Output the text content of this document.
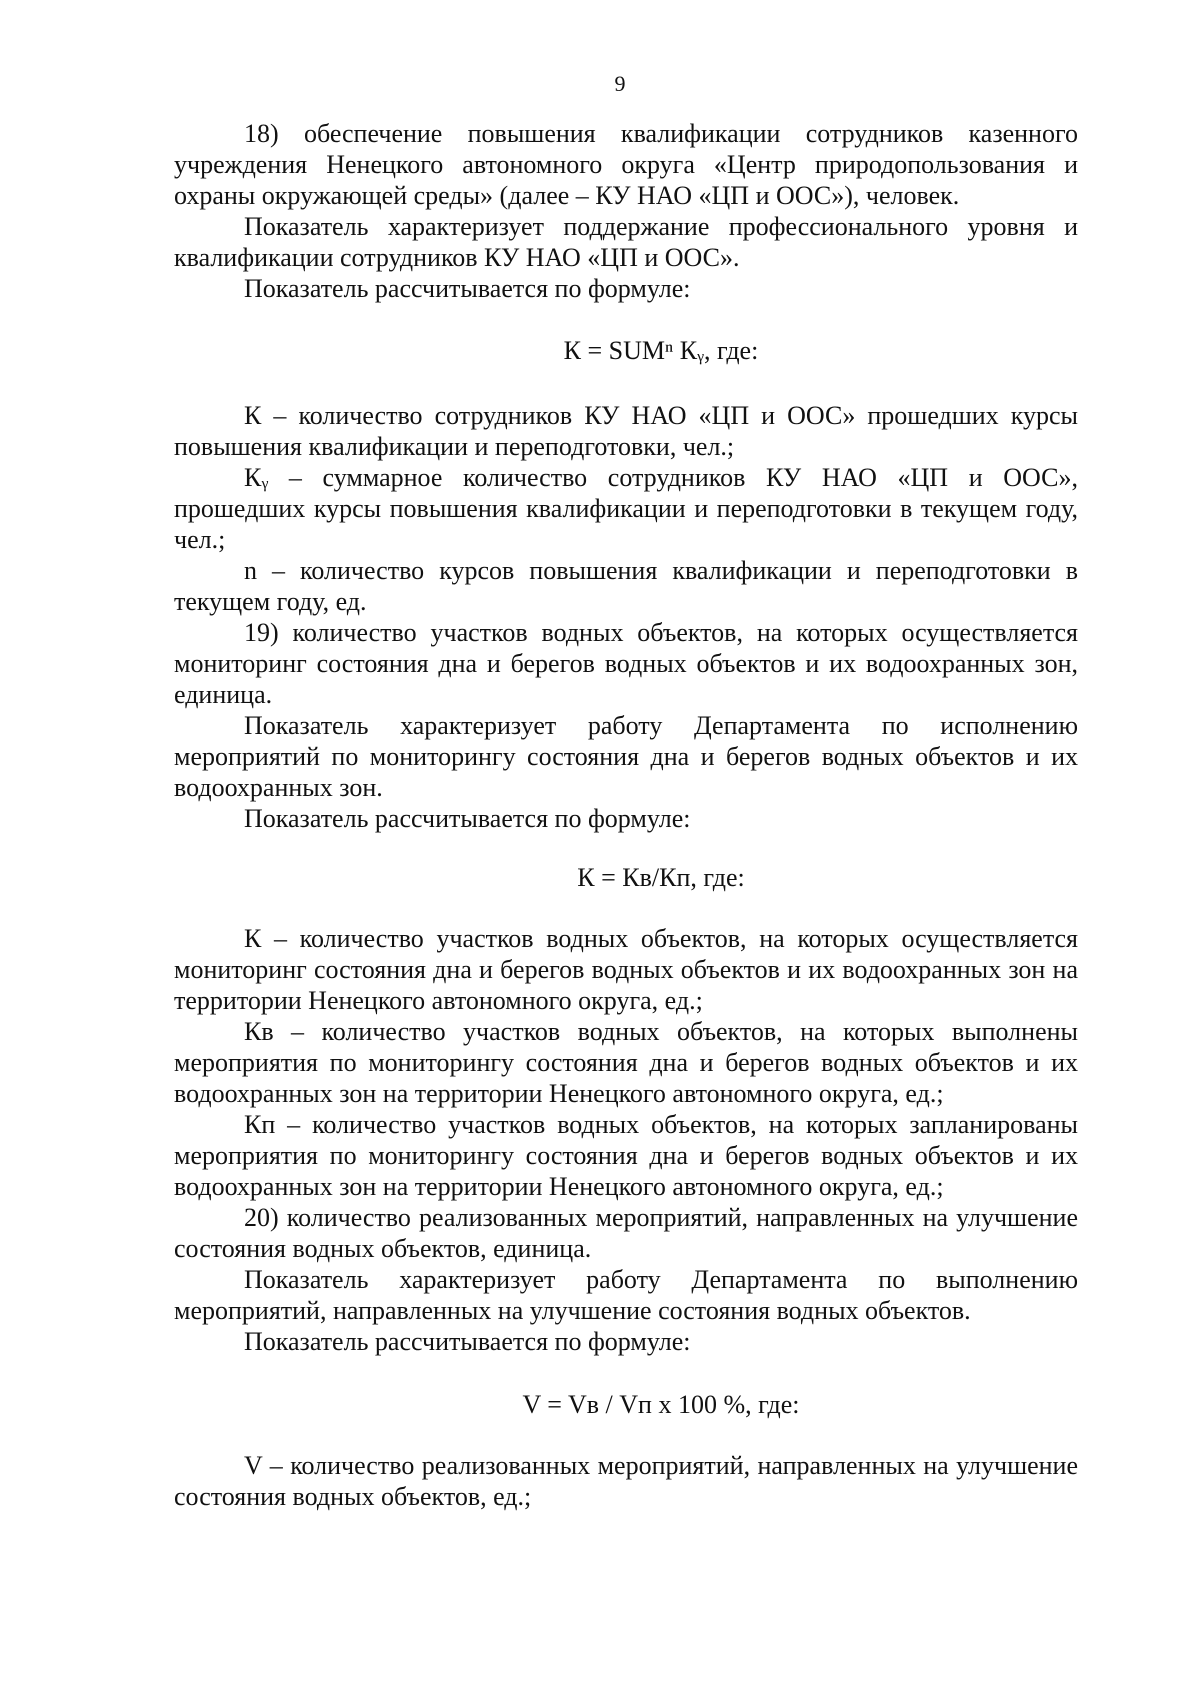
9

18) обеспечение повышения квалификации сотрудников казенного учреждения Ненецкого автономного округа «Центр природопользования и охраны окружающей среды» (далее – КУ НАО «ЦП и ООС»), человек.

Показатель характеризует поддержание профессионального уровня и квалификации сотрудников КУ НАО «ЦП и ООС».

Показатель рассчитывается по формуле:

К = SUMⁿ Кᵧ, где:

К – количество сотрудников КУ НАО «ЦП и ООС» прошедших курсы повышения квалификации и переподготовки, чел.;

Кᵧ – суммарное количество сотрудников КУ НАО «ЦП и ООС», прошедших курсы повышения квалификации и переподготовки в текущем году, чел.;

n – количество курсов повышения квалификации и переподготовки в текущем году, ед.

19) количество участков водных объектов, на которых осуществляется мониторинг состояния дна и берегов водных объектов и их водоохранных зон, единица.

Показатель характеризует работу Департамента по исполнению мероприятий по мониторингу состояния дна и берегов водных объектов и их водоохранных зон.

Показатель рассчитывается по формуле:

К = Кв/Кп, где:

К – количество участков водных объектов, на которых осуществляется мониторинг состояния дна и берегов водных объектов и их водоохранных зон на территории Ненецкого автономного округа, ед.;

Кв – количество участков водных объектов, на которых выполнены мероприятия по мониторингу состояния дна и берегов водных объектов и их водоохранных зон на территории Ненецкого автономного округа, ед.;

Кп – количество участков водных объектов, на которых запланированы мероприятия по мониторингу состояния дна и берегов водных объектов и их водоохранных зон на территории Ненецкого автономного округа, ед.;

20) количество реализованных мероприятий, направленных на улучшение состояния водных объектов, единица.

Показатель характеризует работу Департамента по выполнению мероприятий, направленных на улучшение состояния водных объектов.

Показатель рассчитывается по формуле:

V = Vв / Vп x 100 %, где:

V – количество реализованных мероприятий, направленных на улучшение состояния водных объектов, ед.;
